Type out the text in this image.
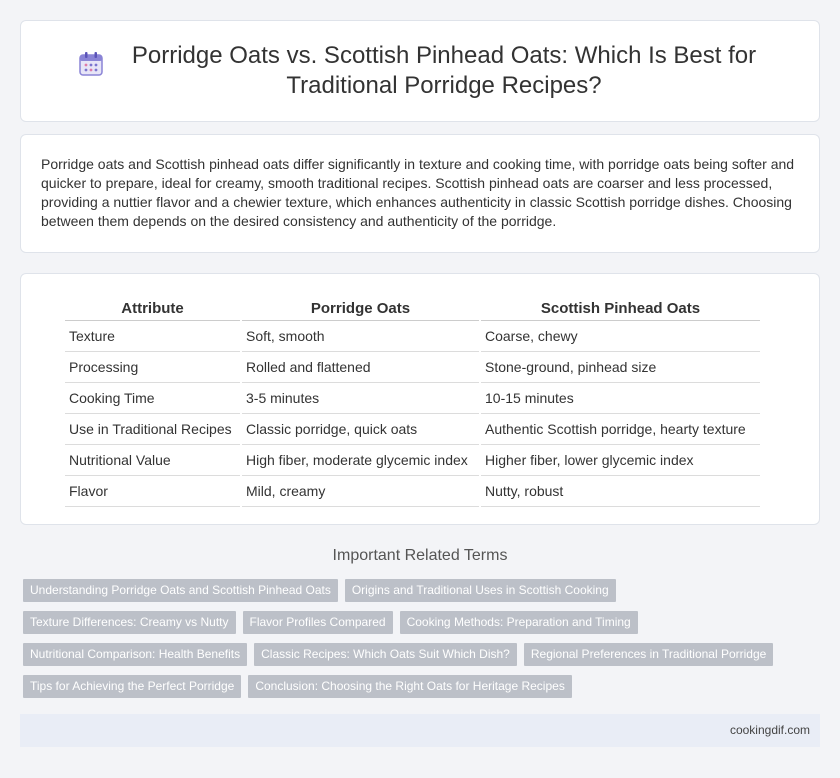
Porridge Oats vs. Scottish Pinhead Oats: Which Is Best for Traditional Porridge Recipes?

Porridge oats and Scottish pinhead oats differ significantly in texture and cooking time, with porridge oats being softer and quicker to prepare, ideal for creamy, smooth traditional recipes. Scottish pinhead oats are coarser and less processed, providing a nuttier flavor and a chewier texture, which enhances authenticity in classic Scottish porridge dishes. Choosing between them depends on the desired consistency and authenticity of the porridge.

Attribute	Porridge Oats	Scottish Pinhead Oats
Texture	Soft, smooth	Coarse, chewy
Processing	Rolled and flattened	Stone-ground, pinhead size
Cooking Time	3-5 minutes	10-15 minutes
Use in Traditional Recipes	Classic porridge, quick oats	Authentic Scottish porridge, hearty texture
Nutritional Value	High fiber, moderate glycemic index	Higher fiber, lower glycemic index
Flavor	Mild, creamy	Nutty, robust
Important Related Terms
Understanding Porridge Oats and Scottish Pinhead Oats	Origins and Traditional Uses in Scottish Cooking
Texture Differences: Creamy vs Nutty	Flavor Profiles Compared	Cooking Methods: Preparation and Timing
Nutritional Comparison: Health Benefits	Classic Recipes: Which Oats Suit Which Dish?	Regional Preferences in Traditional Porridge
Tips for Achieving the Perfect Porridge	Conclusion: Choosing the Right Oats for Heritage Recipes
cookingdif.com
